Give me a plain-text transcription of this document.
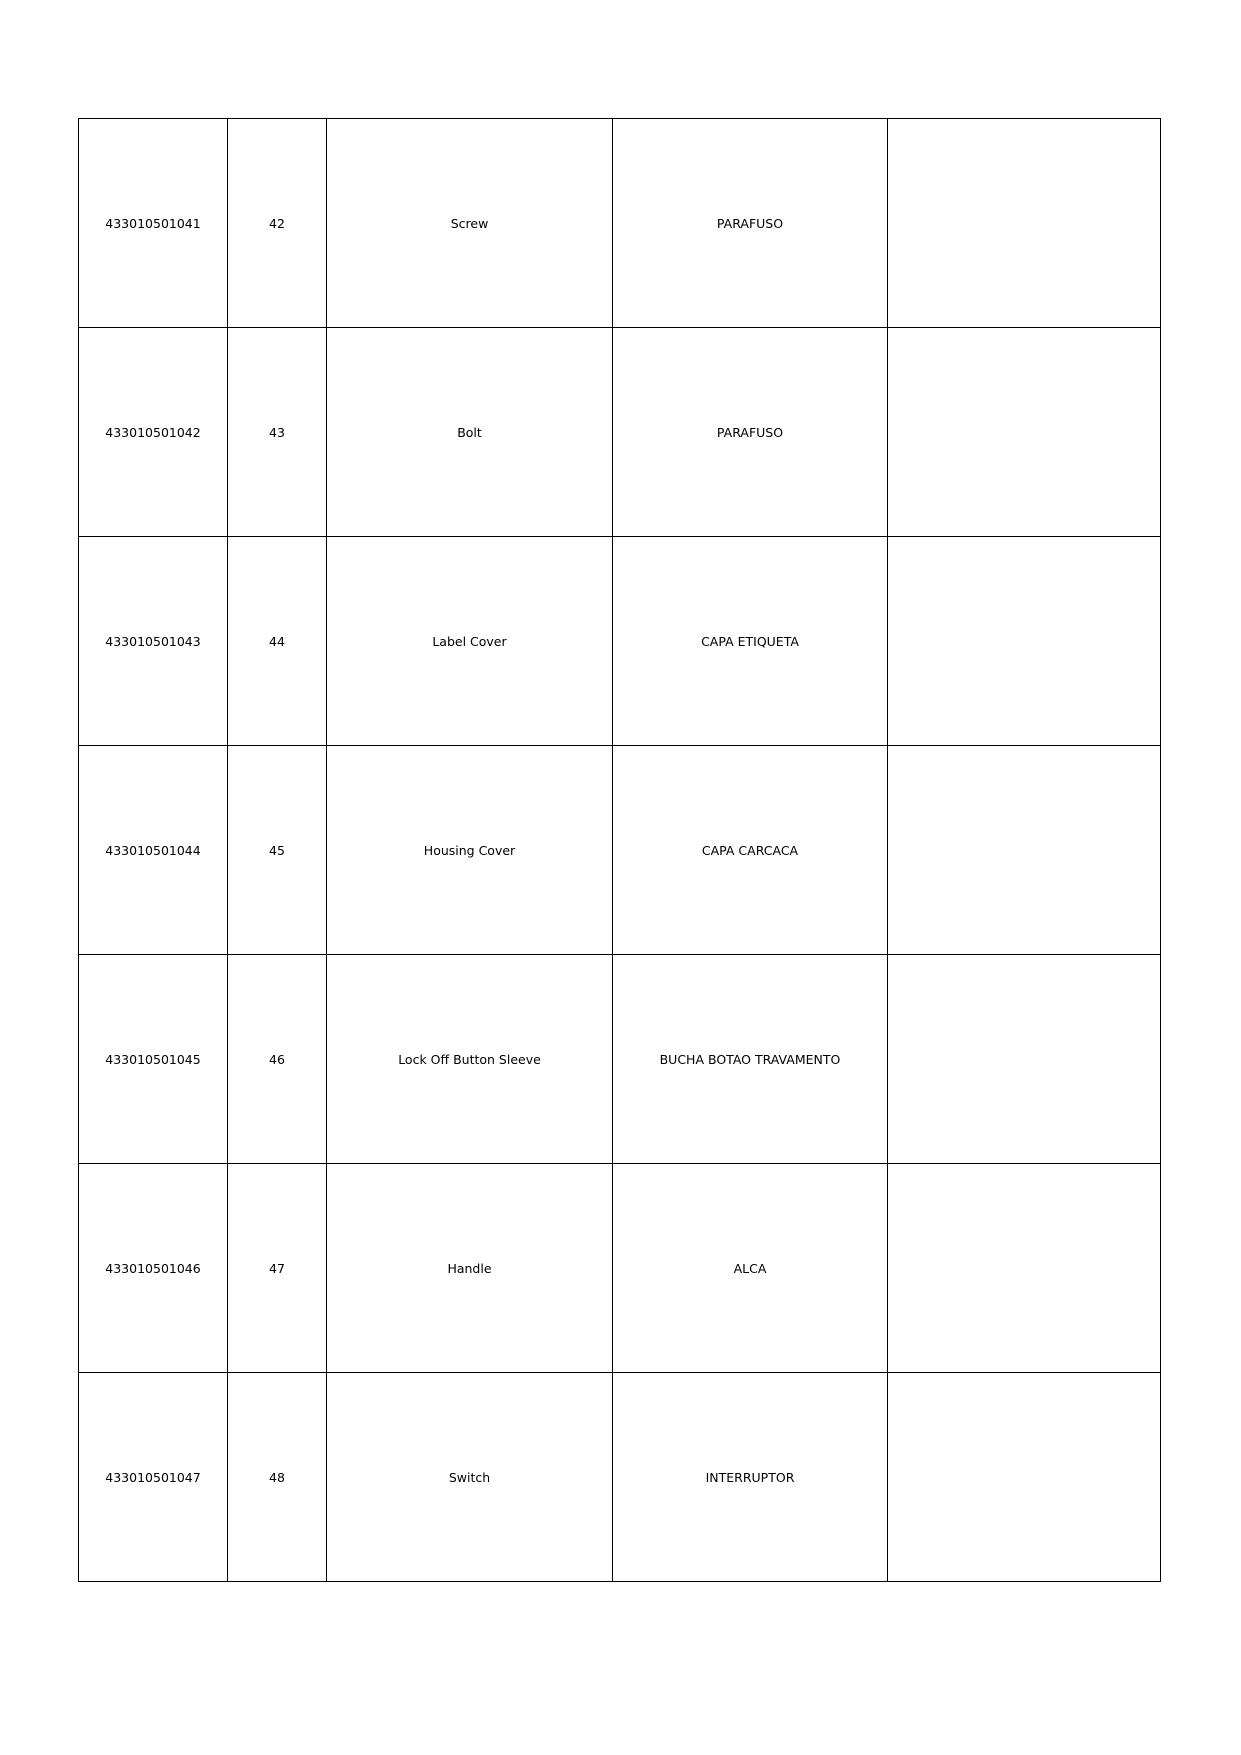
433010501041	42	Screw	PARAFUSO	
433010501042	43	Bolt	PARAFUSO	
433010501043	44	Label Cover	CAPA ETIQUETA	
433010501044	45	Housing Cover	CAPA CARCACA	
433010501045	46	Lock Off Button Sleeve	BUCHA BOTAO TRAVAMENTO	
433010501046	47	Handle	ALCA	
433010501047	48	Switch	INTERRUPTOR	
